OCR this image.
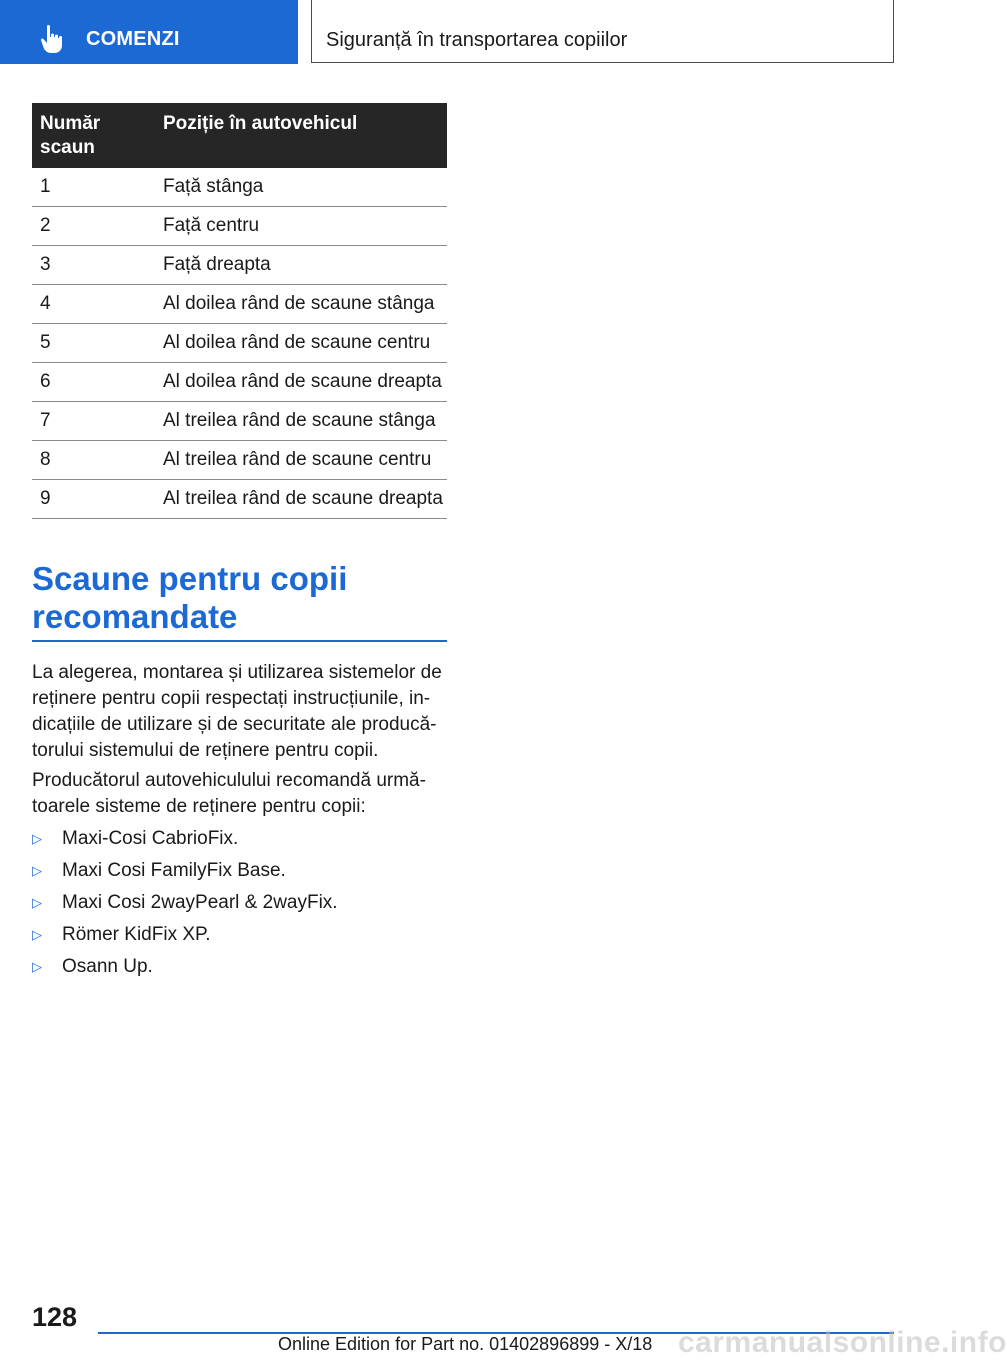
COMENZI	Siguranță în transportarea copiilor
Număr scaun	Poziție în autovehicul
1	Față stânga
2	Față centru
3	Față dreapta
4	Al doilea rând de scaune stânga
5	Al doilea rând de scaune centru
6	Al doilea rând de scaune dreapta
7	Al treilea rând de scaune stânga
8	Al treilea rând de scaune centru
9	Al treilea rând de scaune dreapta
Scaune pentru copii
recomandate

La alegerea, montarea și utilizarea sistemelor de reținere pentru copii respectați instrucțiunile, in-dicațiile de utilizare și de securitate ale producă-torului sistemului de reținere pentru copii.

Producătorul autovehiculului recomandă urmă-toarele sisteme de reținere pentru copii:

▷	Maxi-Cosi CabrioFix.
▷	Maxi Cosi FamilyFix Base.
▷	Maxi Cosi 2wayPearl & 2wayFix.
▷	Römer KidFix XP.
▷	Osann Up.
128
Online Edition for Part no. 01402896899 - X/18 carmanualsonline.info
